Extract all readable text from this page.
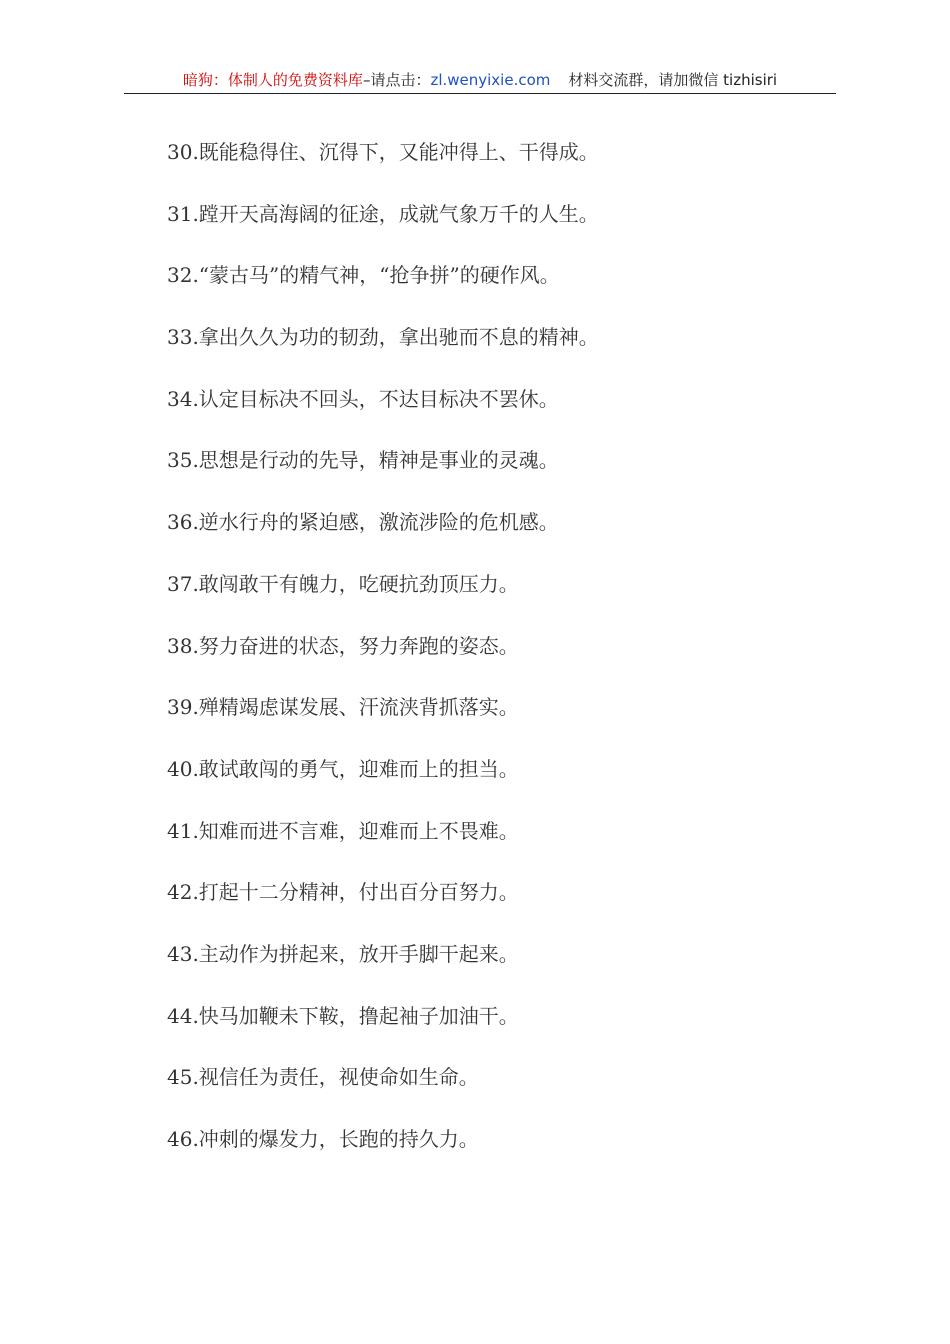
暗狗：体制人的免费资料库–请点击：zl.wenyixie.com 材料交流群，请加微信 tizhisiri
30.既能稳得住、沉得下，又能冲得上、干得成。
31.蹚开天高海阔的征途，成就气象万千的人生。
32.“蒙古马”的精气神，“抢争拼”的硬作风。
33.拿出久久为功的韧劲，拿出驰而不息的精神。
34.认定目标决不回头，不达目标决不罢休。
35.思想是行动的先导，精神是事业的灵魂。
36.逆水行舟的紧迫感，激流涉险的危机感。
37.敢闯敢干有魄力，吃硬抗劲顶压力。
38.努力奋进的状态，努力奔跑的姿态。
39.殚精竭虑谋发展、汗流浃背抓落实。
40.敢试敢闯的勇气，迎难而上的担当。
41.知难而进不言难，迎难而上不畏难。
42.打起十二分精神，付出百分百努力。
43.主动作为拼起来，放开手脚干起来。
44.快马加鞭未下鞍，撸起袖子加油干。
45.视信任为责任，视使命如生命。
46.冲刺的爆发力，长跑的持久力。
